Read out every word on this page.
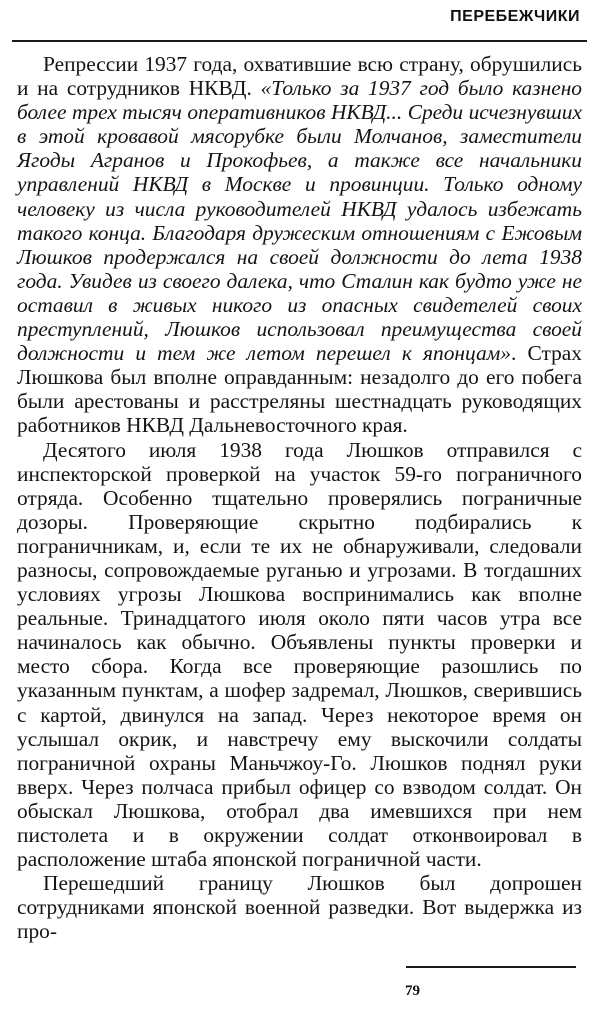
ПЕРЕБЕЖЧИКИ

Репрессии 1937 года, охватившие всю страну, обрушились и на сотрудников НКВД. «Только за 1937 год было казнено более трех тысяч оперативников НКВД... Среди исчезнувших в этой кровавой мясорубке были Молчанов, заместители Ягоды Агранов и Прокофьев, а также все начальники управлений НКВД в Москве и провинции. Только одному человеку из числа руководителей НКВД удалось избежать такого конца. Благодаря дружеским отношениям с Ежовым Люшков продержался на своей должности до лета 1938 года. Увидев из своего далека, что Сталин как будто уже не оставил в живых никого из опасных свидетелей своих преступлений, Люшков использовал преимущества своей должности и тем же летом перешел к японцам». Страх Люшкова был вполне оправданным: незадолго до его побега были арестованы и расстреляны шестнадцать руководящих работников НКВД Дальневосточного края.

Десятого июля 1938 года Люшков отправился с инспекторской проверкой на участок 59-го пограничного отряда. Особенно тщательно проверялись пограничные дозоры. Проверяющие скрытно подбирались к пограничникам, и, если те их не обнаруживали, следовали разносы, сопровождаемые руганью и угрозами. В тогдашних условиях угрозы Люшкова воспринимались как вполне реальные. Тринадцатого июля около пяти часов утра все начиналось как обычно. Объявлены пункты проверки и место сбора. Когда все проверяющие разошлись по указанным пунктам, а шофер задремал, Люшков, сверившись с картой, двинулся на запад. Через некоторое время он услышал окрик, и навстречу ему выскочили солдаты пограничной охраны Маньчжоу-Го. Люшков поднял руки вверх. Через полчаса прибыл офицер со взводом солдат. Он обыскал Люшкова, отобрал два имевшихся при нем пистолета и в окружении солдат отконвоировал в расположение штаба японской пограничной части.

Перешедший границу Люшков был допрошен сотрудниками японской военной разведки. Вот выдержка из про-

79
